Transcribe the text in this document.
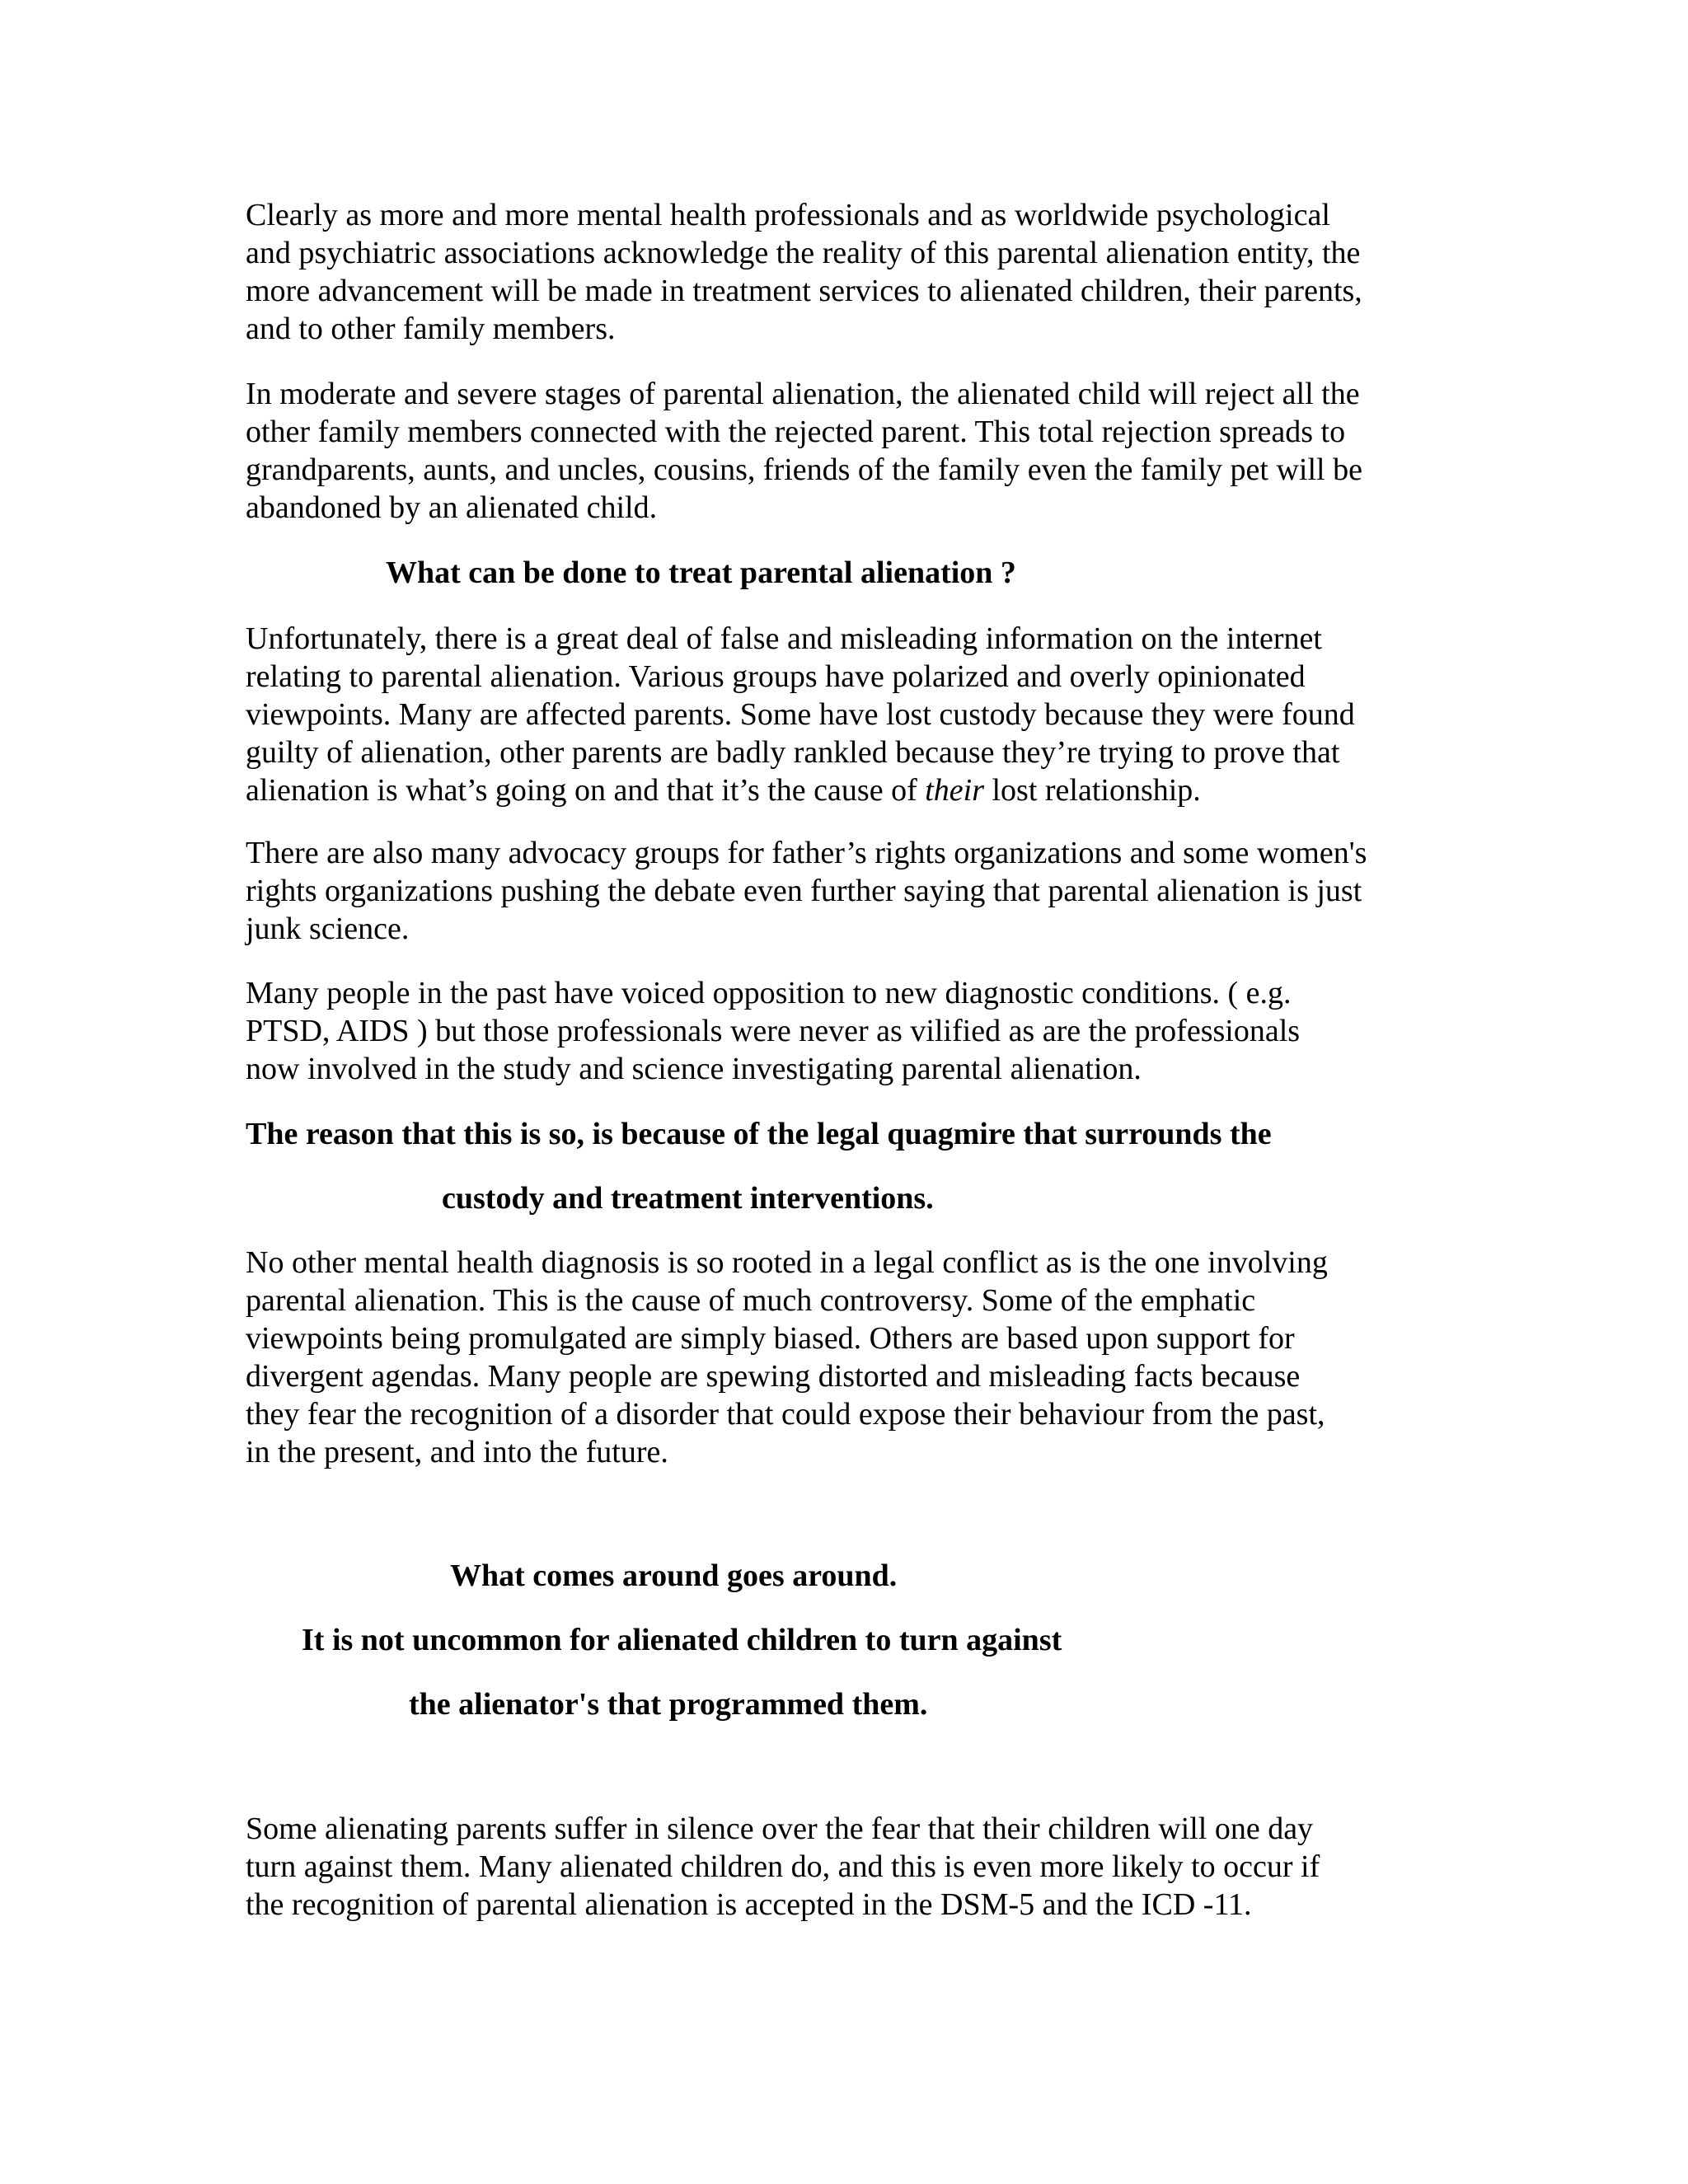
Clearly as more and more mental health professionals and as worldwide psychological
and psychiatric associations acknowledge the reality of this parental alienation entity, the
more advancement will be made in treatment services to alienated children, their parents,
and to other family members.
In moderate and severe stages of parental alienation, the alienated child will reject all the
other family members connected with the rejected parent. This total rejection spreads to
grandparents, aunts, and uncles, cousins, friends of the family even the family pet will be
abandoned by an alienated child.
What can be done to treat parental alienation ?
Unfortunately, there is a great deal of false and misleading information on the internet
relating to parental alienation. Various groups have polarized and overly opinionated
viewpoints. Many are affected parents. Some have lost custody because they were found
guilty of alienation, other parents are badly rankled because they’re trying to prove that
alienation is what’s going on and that it’s the cause of their lost relationship.
There are also many advocacy groups for father’s rights organizations and some women's
rights organizations pushing the debate even further saying that parental alienation is just
junk science.
Many people in the past have voiced opposition to new diagnostic conditions. ( e.g.
PTSD, AIDS ) but those professionals were never as vilified as are the professionals
now involved in the study and science investigating parental alienation.
The reason that this is so, is because of the legal quagmire that surrounds the
custody and treatment interventions.
No other mental health diagnosis is so rooted in a legal conflict as is the one involving
parental alienation. This is the cause of much controversy. Some of the emphatic
viewpoints being promulgated are simply biased. Others are based upon support for
divergent agendas. Many people are spewing distorted and misleading facts because
they fear the recognition of a disorder that could expose their behaviour from the past,
in the present, and into the future.
What comes around goes around.
It is not uncommon for alienated children to turn against
the alienator's that programmed them.
Some alienating parents suffer in silence over the fear that their children will one day
turn against them. Many alienated children do, and this is even more likely to occur if
the recognition of parental alienation is accepted in the DSM-5 and the ICD -11.
